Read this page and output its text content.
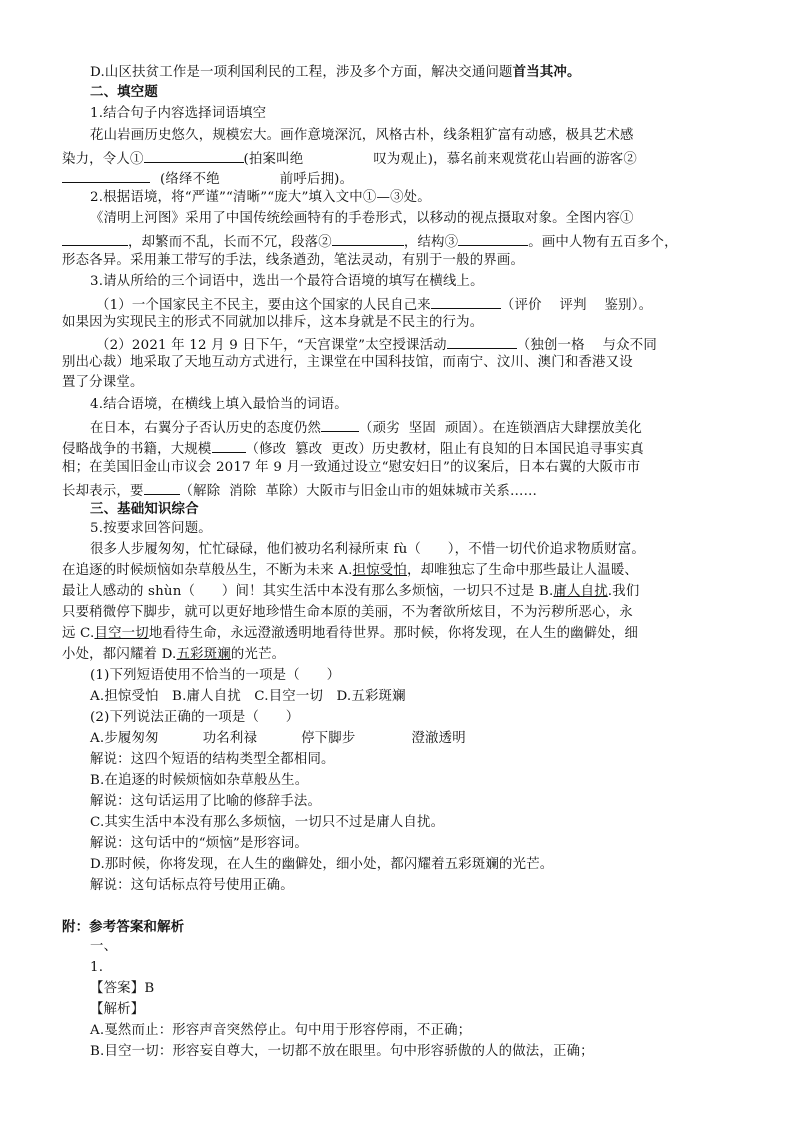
D.山区扶贫工作是一项利国利民的工程，涉及多个方面，解决交通问题首当其冲。
二、填空题
1.结合句子内容选择词语填空
花山岩画历史悠久，规模宏大。画作意境深沉，风格古朴，线条粗犷富有动感，极具艺术感
染力，令人①	(拍案叫绝	叹为观止)，慕名前来观赏花山岩画的游客②
(络绎不绝	前呼后拥)。
2.根据语境，将“严谨”“清晰”“庞大”填入文中①—③处。
《清明上河图》采用了中国传统绘画特有的手卷形式，以移动的视点摄取对象。全图内容①
，却繁而不乱，长而不冗，段落②	，结构③	。画中人物有五百多个，
形态各异。采用兼工带写的手法，线条遒劲，笔法灵动，有别于一般的界画。
3.请从所给的三个词语中，选出一个最符合语境的填写在横线上。
（1）一个国家民主不民主，要由这个国家的人民自己来	（评价    评判    鉴别）。
如果因为实现民主的形式不同就加以排斥，这本身就是不民主的行为。
（2）2021 年 12 月 9 日下午，“天宫课堂”太空授课活动	（独创一格    与众不同
别出心裁）地采取了天地互动方式进行，主课堂在中国科技馆，而南宁、汶川、澳门和香港又设
置了分课堂。
4.结合语境，在横线上填入最恰当的词语。
在日本，右翼分子否认历史的态度仍然	（顽劣  坚固  顽固）。在连锁酒店大肆摆放美化
侵略战争的书籍，大规模	（修改  篡改  更改）历史教材，阻止有良知的日本国民追寻事实真
相；在美国旧金山市议会 2017 年 9 月一致通过设立“慰安妇日”的议案后，日本右翼的大阪市市
长却表示，要	（解除  消除  革除）大阪市与旧金山市的姐妹城市关系……
三、基础知识综合
5.按要求回答问题。
很多人步履匆匆，忙忙碌碌，他们被功名利禄所束 fù（      ），不惜一切代价追求物质财富。
在追逐的时候烦恼如杂草般丛生，不断为未来 A.担惊受怕，却唯独忘了生命中那些最让人温暖、
最让人感动的 shùn（      ）间！其实生活中本没有那么多烦恼，一切只不过是 B.庸人自扰.我们
只要稍微停下脚步，就可以更好地珍惜生命本原的美丽，不为奢欲所炫目，不为污秽所恶心，永
远 C.目空一切地看待生命，永远澄澈透明地看待世界。那时候，你将发现，在人生的幽僻处，细
小处，都闪耀着 D.五彩斑斓的光芒。
(1)下列短语使用不恰当的一项是（      ）
A.担惊受怕   B.庸人自扰   C.目空一切   D.五彩斑斓
(2)下列说法正确的一项是（      ）
A.步履匆匆	功名利禄	停下脚步	澄澈透明
解说：这四个短语的结构类型全都相同。
B.在追逐的时候烦恼如杂草般丛生。
解说：这句话运用了比喻的修辞手法。
C.其实生活中本没有那么多烦恼，一切只不过是庸人自扰。
解说：这句话中的“烦恼”是形容词。
D.那时候，你将发现，在人生的幽僻处，细小处，都闪耀着五彩斑斓的光芒。
解说：这句话标点符号使用正确。
附：参考答案和解析
一、
1.
【答案】B
【解析】
A.戛然而止：形容声音突然停止。句中用于形容停雨，不正确；
B.目空一切：形容妄自尊大，一切都不放在眼里。句中形容骄傲的人的做法，正确；
